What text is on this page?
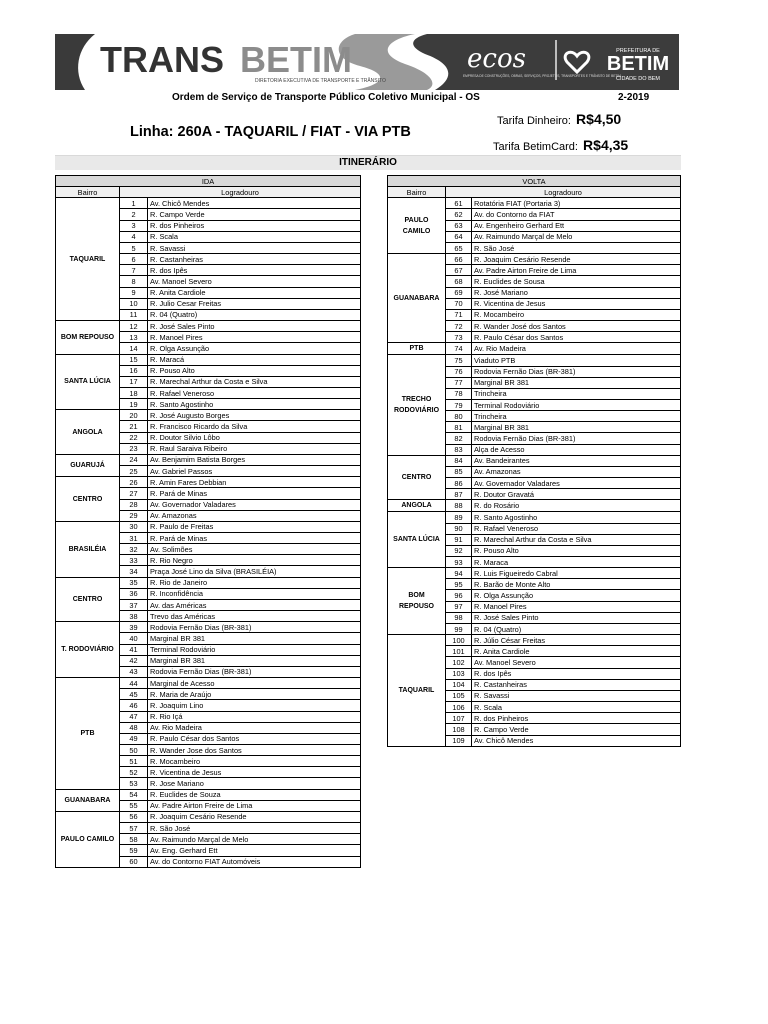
TRANS BETIM
DIRETORIA EXECUTIVA DE TRANSPORTE E TRÂNSITO
ecos
EMPRESA DE CONSTRUÇÕES, OBRAS, SERVIÇOS, PROJETOS, TRANSPORTES E TRÂNSITO DE BETIM
PREFEITURA DE
BETIM
CIDADE DO BEM
Ordem de Serviço de Transporte Público Coletivo Municipal - OS	2-2019
Linha: 260A - TAQUARIL / FIAT - VIA PTB
Tarifa Dinheiro: R$4,50
Tarifa BetimCard: R$4,35
ITINERÁRIO
IDA		
Bairro	Logradouro	
TAQUARIL	1	Av. Chicô Mendes
	2	R. Campo Verde
	3	R. dos Pinheiros
	4	R. Scala
	5	R. Savassi
	6	R. Castanheiras
	7	R. dos Ipês
	8	Av. Manoel Severo
	9	R. Anita Cardiole
	10	R. Julio Cesar Freitas
	11	R. 04 (Quatro)
BOM REPOUSO	12	R. José Sales Pinto
	13	R. Manoel Pires
	14	R. Olga Assunção
SANTA LÚCIA	15	R. Maracá
	16	R. Pouso Alto
	17	R. Marechal Arthur da Costa e Silva
	18	R. Rafael Veneroso
	19	R. Santo Agostinho
ANGOLA	20	R. José Augusto Borges
	21	R. Francisco Ricardo da Silva
	22	R. Doutor Silvio Lôbo
	23	R. Raul Saraiva Ribeiro
GUARUJÁ	24	Av. Benjamim Batista Borges
	25	Av. Gabriel Passos
CENTRO	26	R. Amin Fares Debbian
	27	R. Pará de Minas
	28	Av. Governador Valadares
	29	Av. Amazonas
BRASILÉIA	30	R. Paulo de Freitas
	31	R. Pará de Minas
	32	Av. Solimões
	33	R. Rio Negro
	34	Praça José Lino da Silva (BRASILÉIA)
CENTRO	35	R. Rio de Janeiro
	36	R. Inconfidência
	37	Av. das Américas
	38	Trevo das Américas
T. RODOVIÁRIO	39	Rodovia Fernão Dias (BR-381)
	40	Marginal BR 381
	41	Terminal Rodoviário
	42	Marginal BR 381
	43	Rodovia Fernão Dias (BR-381)
PTB	44	Marginal de Acesso
	45	R. Maria de Araújo
	46	R. Joaquim Lino
	47	R. Rio Içá
	48	Av. Rio Madeira
	49	R. Paulo César dos Santos
	50	R. Wander Jose dos Santos
	51	R. Mocambeiro
	52	R. Vicentina de Jesus
	53	R. Jose Mariano
GUANABARA	54	R. Euclides de Souza
	55	Av. Padre Airton Freire de Lima
PAULO CAMILO	56	R. Joaquim Cesário Resende
	57	R. São José
	58	Av. Raimundo Marçal de Melo
	59	Av. Eng. Gerhard Ett
	60	Av. do Contorno FIAT Automóveis
VOLTA		
Bairro	Logradouro	
PAULO CAMILO	61	Rotatória FIAT (Portaria 3)
	62	Av. do Contorno da FIAT
	63	Av. Engenheiro Gerhard Ett
	64	Av. Raimundo Marçal de Melo
	65	R. São José
GUANABARA	66	R. Joaquim Cesário Resende
	67	Av. Padre Airton Freire de Lima
	68	R. Euclides de Sousa
	69	R. José Mariano
	70	R. Vicentina de Jesus
	71	R. Mocambeiro
	72	R. Wander José dos Santos
	73	R. Paulo César dos Santos
PTB	74	Av. Rio Madeira
TRECHO RODOVIÁRIO	75	Viaduto PTB
	76	Rodovia Fernão Dias (BR-381)
	77	Marginal BR 381
	78	Trincheira
	79	Terminal Rodoviário
	80	Trincheira
	81	Marginal BR 381
	82	Rodovia Fernão Dias (BR-381)
	83	Alça de Acesso
CENTRO	84	Av. Bandeirantes
	85	Av. Amazonas
	86	Av. Governador Valadares
	87	R. Doutor Gravatá
ANGOLA	88	R. do Rosário
SANTA LÚCIA	89	R. Santo Agostinho
	90	R. Rafael Veneroso
	91	R. Marechal Arthur da Costa e Silva
	92	R. Pouso Alto
	93	R. Maraca
BOM REPOUSO	94	R. Luis Figueiredo Cabral
	95	R. Barão de Monte Alto
	96	R. Olga Assunção
	97	R. Manoel Pires
	98	R. José Sales Pinto
	99	R. 04 (Quatro)
TAQUARIL	100	R. Júlio César Freitas
	101	R. Anita Cardiole
	102	Av. Manoel Severo
	103	R. dos Ipês
	104	R. Castanheiras
	105	R. Savassi
	106	R. Scala
	107	R. dos Pinheiros
	108	R. Campo Verde
	109	Av. Chicô Mendes
